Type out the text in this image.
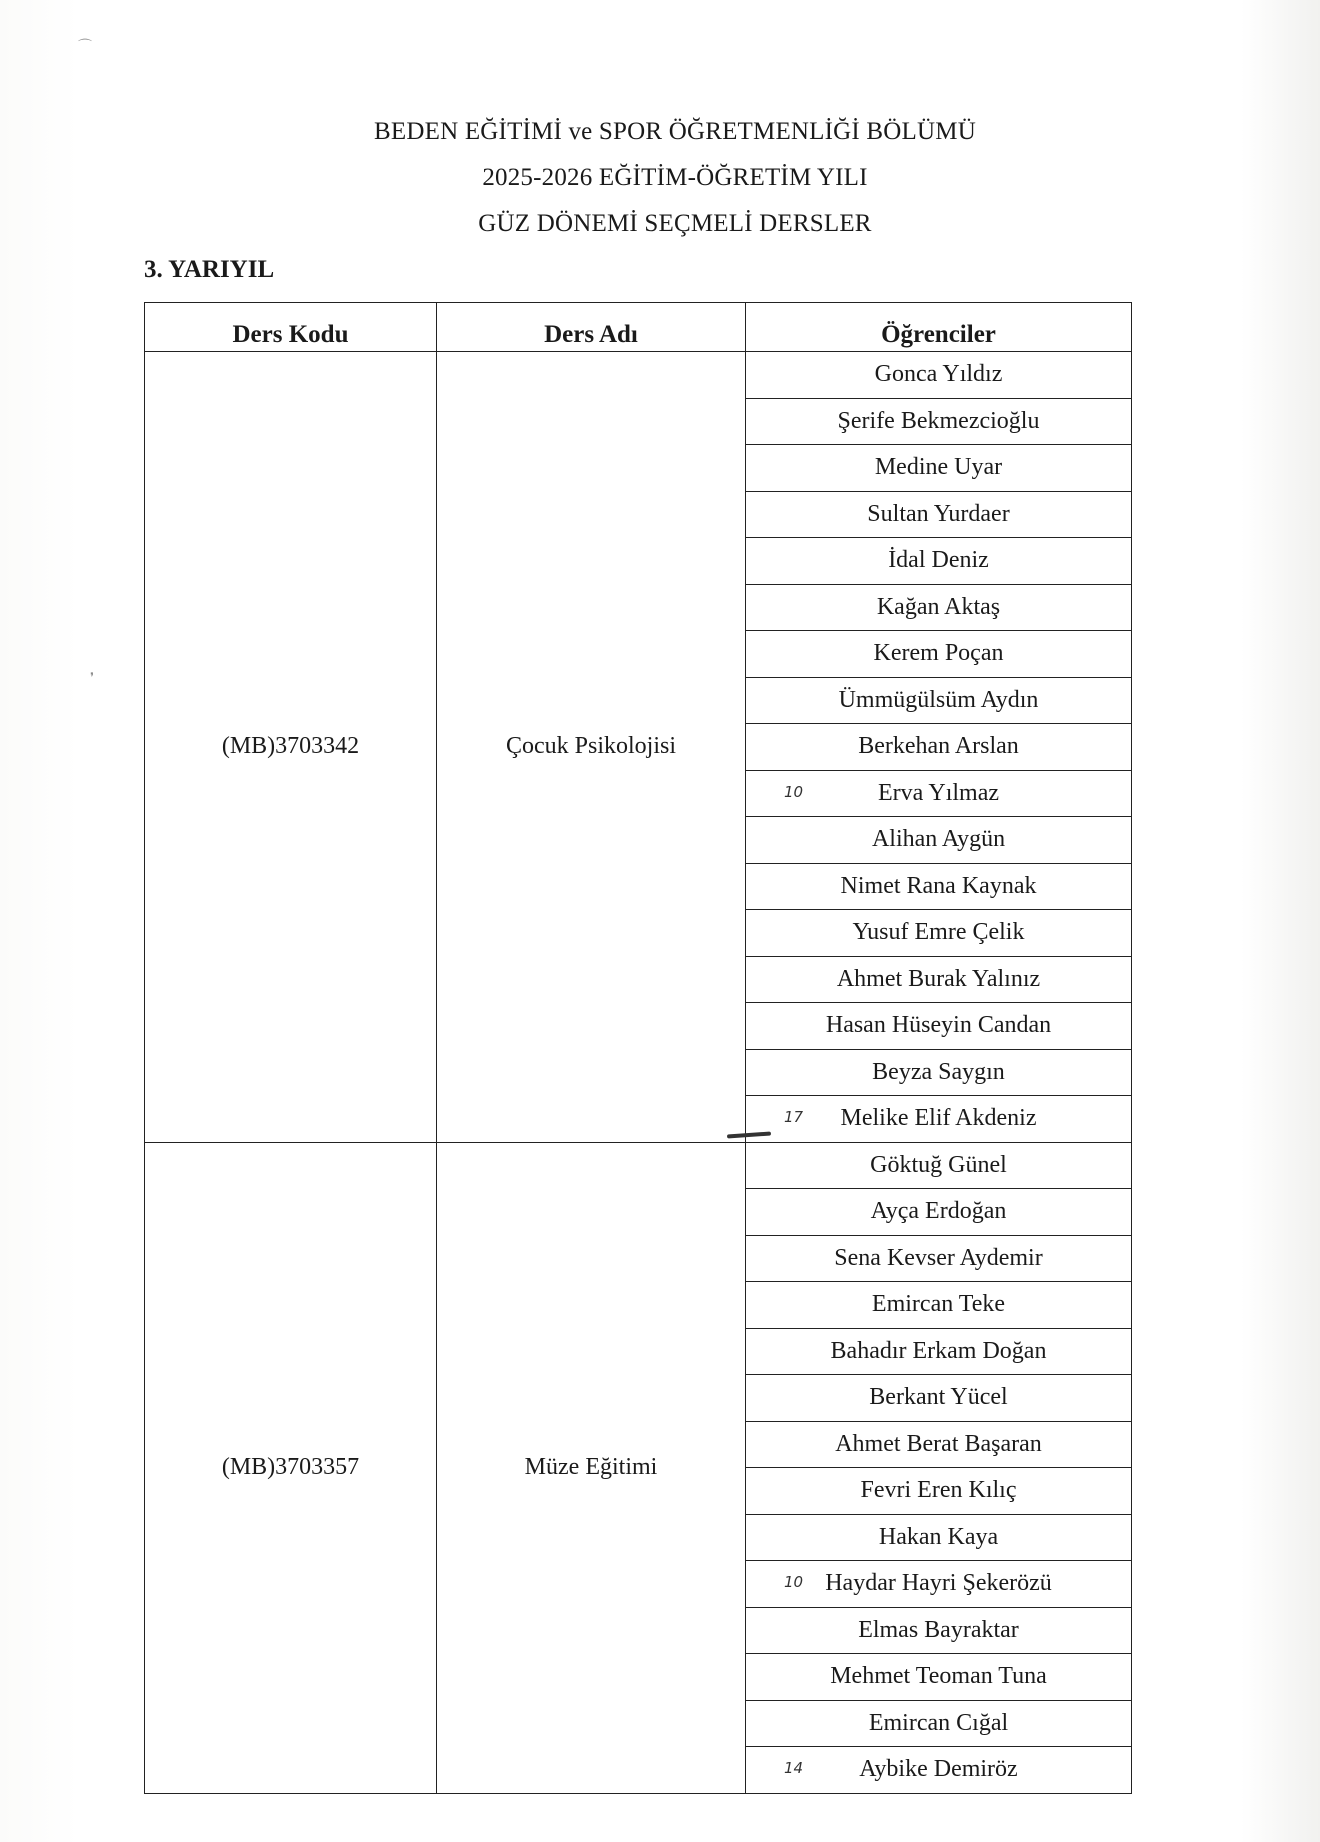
⌒
❜
BEDEN EĞİTİMİ ve SPOR ÖĞRETMENLİĞİ BÖLÜMÜ
2025-2026 EĞİTİM-ÖĞRETİM YILI
GÜZ DÖNEMİ SEÇMELİ DERSLER
3. YARIYIL
Ders Kodu	Ders Adı	Öğrenciler
(MB)3703342	Çocuk Psikolojisi	Gonca Yıldız
		Şerife Bekmezcioğlu
		Medine Uyar
		Sultan Yurdaer
		İdal Deniz
		Kağan Aktaş
		Kerem Poçan
		Ümmügülsüm Aydın
		Berkehan Arslan
		Erva Yılmaz
10

		Alihan Aygün
		Nimet Rana Kaynak
		Yusuf Emre Çelik
		Ahmet Burak Yalınız
		Hasan Hüseyin Candan
		Beyza Saygın
		Melike Elif Akdeniz
17

(MB)3703357	Müze Eğitimi	Göktuğ Günel
		Ayça Erdoğan
		Sena Kevser Aydemir
		Emircan Teke
		Bahadır Erkam Doğan
		Berkant Yücel
		Ahmet Berat Başaran
		Fevri Eren Kılıç
		Hakan Kaya
		Haydar Hayri Şekerözü
10

		Elmas Bayraktar
		Mehmet Teoman Tuna
		Emircan Cığal
		Aybike Demiröz
14
